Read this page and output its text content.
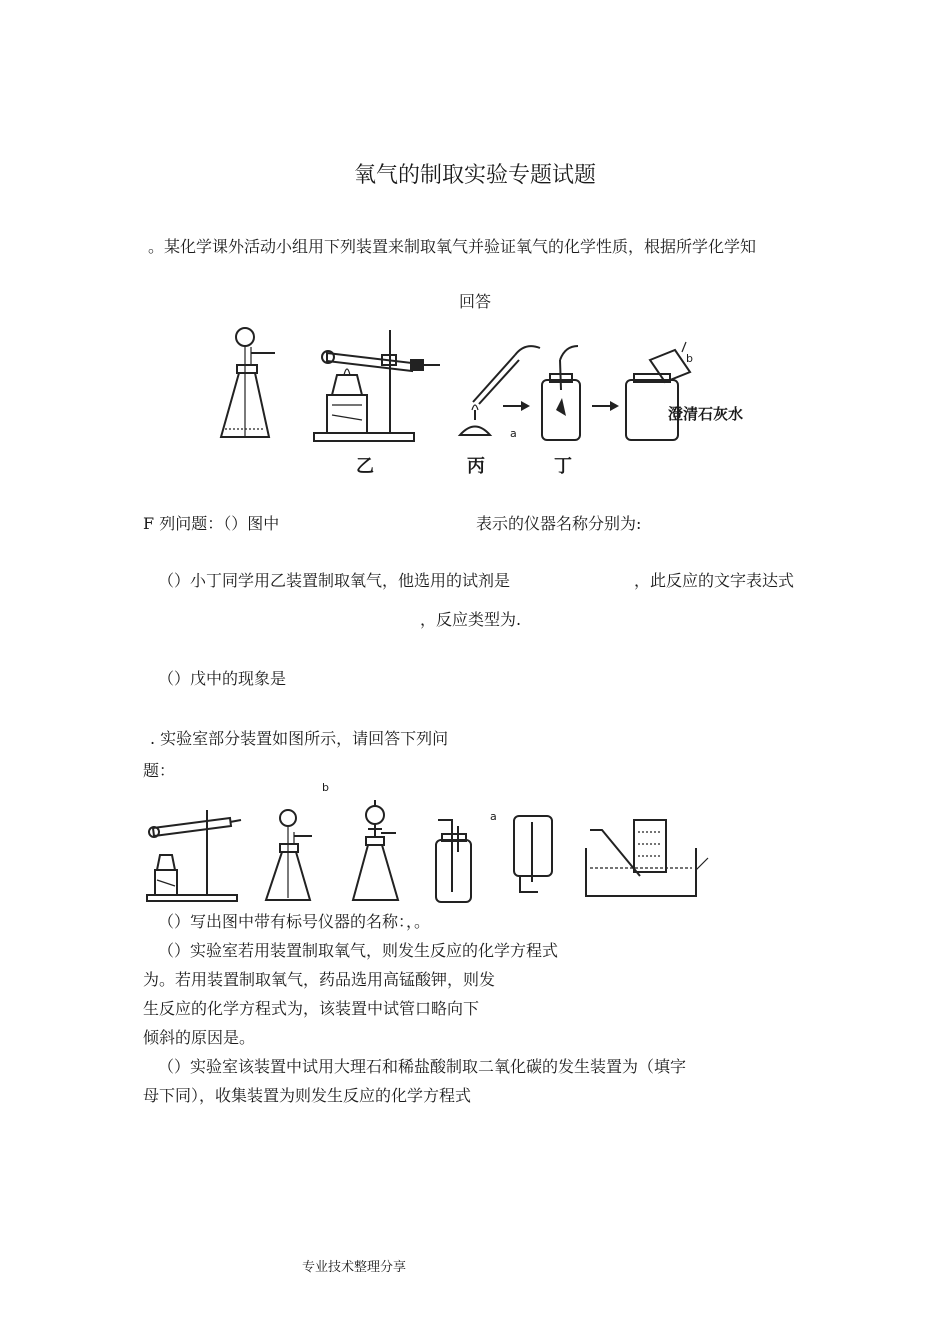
氧气的制取实验专题试题
。某化学课外活动小组用下列装置来制取氧气并验证氧气的化学性质，根据所学化学知
回答
b
a
澄清石灰水
乙	丙	丁
F 列问题：（）图中	表示的仪器名称分别为:
（）小丁同学用乙装置制取氧气，他选用的试剂是	，此反应的文字表达式
，反应类型为.
（）戊中的现象是
. 实验室部分装置如图所示，请回答下列问
题：
b
a
（）写出图中带有标号仪器的名称：，。
（）实验室若用装置制取氧气，则发生反应的化学方程式
为。若用装置制取氧气，药品选用高锰酸钾，则发
生反应的化学方程式为，该装置中试管口略向下
倾斜的原因是。
（）实验室该装置中试用大理石和稀盐酸制取二氧化碳的发生装置为（填字
母下同），收集装置为则发生反应的化学方程式
专业技术整理分享
